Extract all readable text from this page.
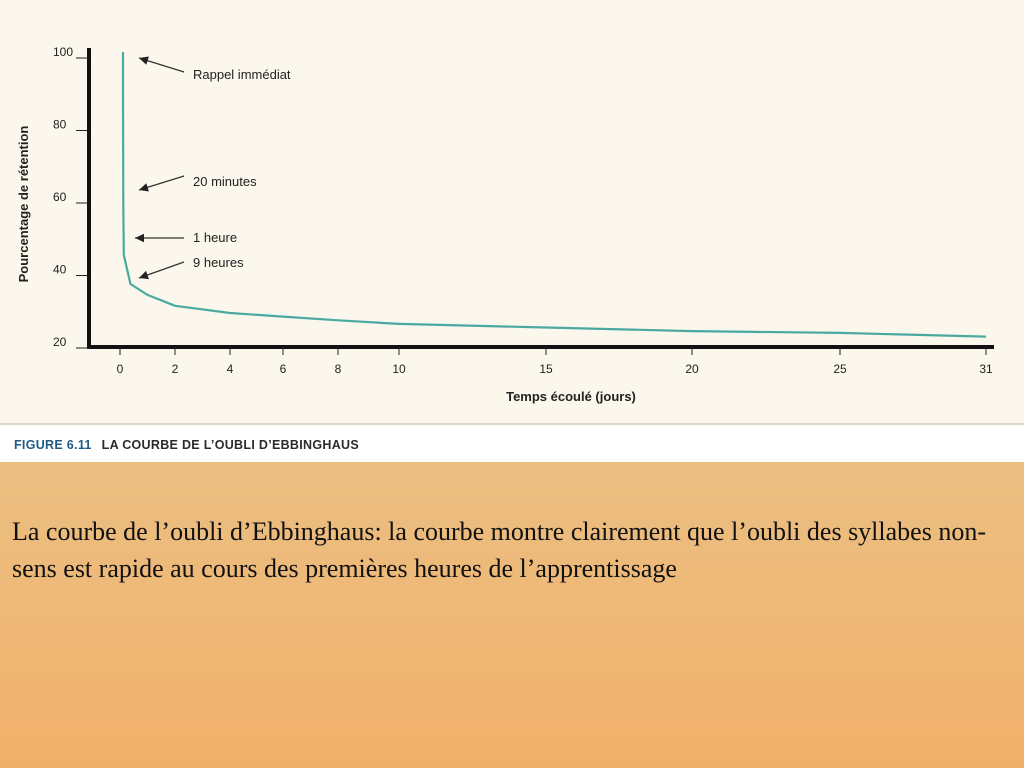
20
40
60
80
100
0	2	4	6	8	10	15	20	25	31
Temps écoulé (jours)
Pourcentage de rétention
Rappel immédiat
20 minutes
1 heure
9 heures
FIGURE 6.11 LA COURBE DE L’OUBLI D’EBBINGHAUS
La courbe de l’oubli d’Ebbinghaus: la courbe montre clairement que l’oubli des syllabes non-sens est rapide au cours des premières heures de l’apprentissage
